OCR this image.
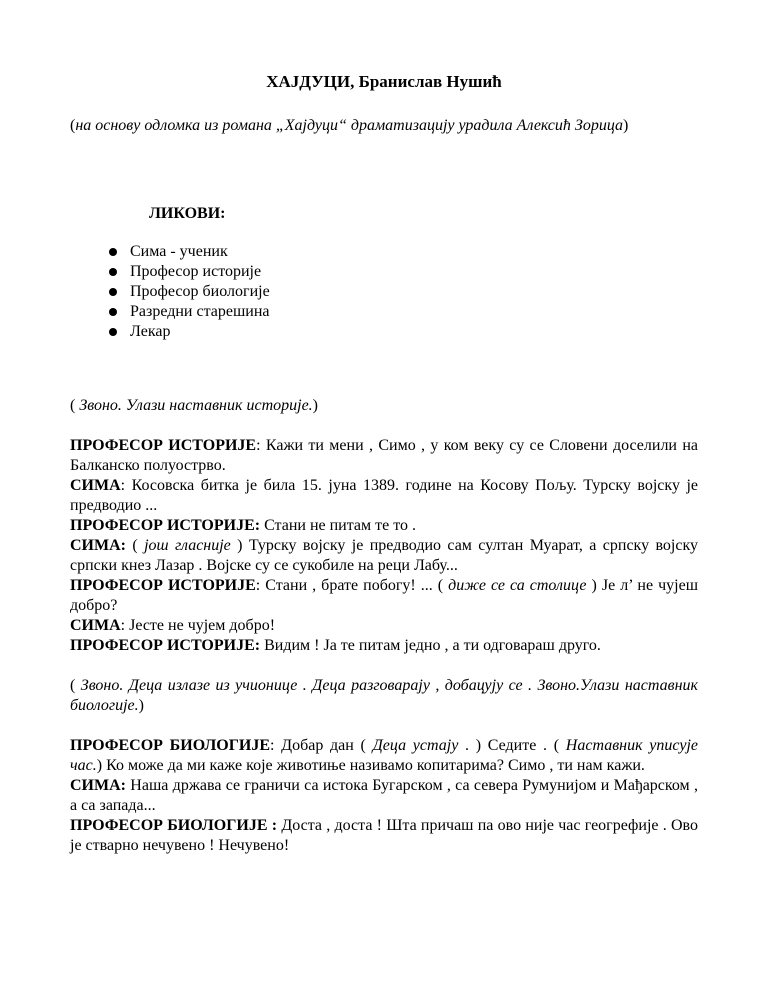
ХАЈДУЦИ, Бранислав Нушић
(на основу одломка из романа „Хајдуци“ драматизацију урадила Алексић Зорица)
ЛИКОВИ:
Сима - ученик
Професор историје
Професор биологије
Разредни старешина
Лекар

( Звоно. Улази наставник историје.)

ПРОФЕСОР ИСТОРИЈЕ: Кажи ти мени , Симо , у ком веку су се Словени доселили на Балканско полуострво.

СИМА: Косовска битка је била 15. јуна 1389. године на Косову Пољу. Турску војску је предводио ...

ПРОФЕСОР ИСТОРИЈЕ: Стани не питам те то .

СИМА: ( још гласније ) Турску војску је предводио сам султан Муарат, а српску војску српски кнез Лазар . Војске су се сукобиле на реци Лабу...

ПРОФЕСОР ИСТОРИЈЕ: Стани , брате побогу! ... ( диже се са столице ) Је л’ не чујеш добро?

СИМА: Јесте не чујем добро!

ПРОФЕСОР ИСТОРИЈЕ: Видим ! Ја те питам једно , а ти одговараш друго.

( Звоно. Деца излазе из учионице . Деца разговарају , добацују се . Звоно.Улази наставник биологије.)

ПРОФЕСОР БИОЛОГИЈЕ: Добар дан ( Деца устају . ) Седите . ( Наставник уписује час.) Ко може да ми каже које животиње називамо копитарима? Симо , ти нам кажи.

СИМА: Наша држава се граничи са истока Бугарском , са севера Румунијом и Мађарском , а са запада...

ПРОФЕСОР БИОЛОГИЈЕ : Доста , доста ! Шта причаш па ово није час геогрефије . Ово је стварно нечувено ! Нечувено!
